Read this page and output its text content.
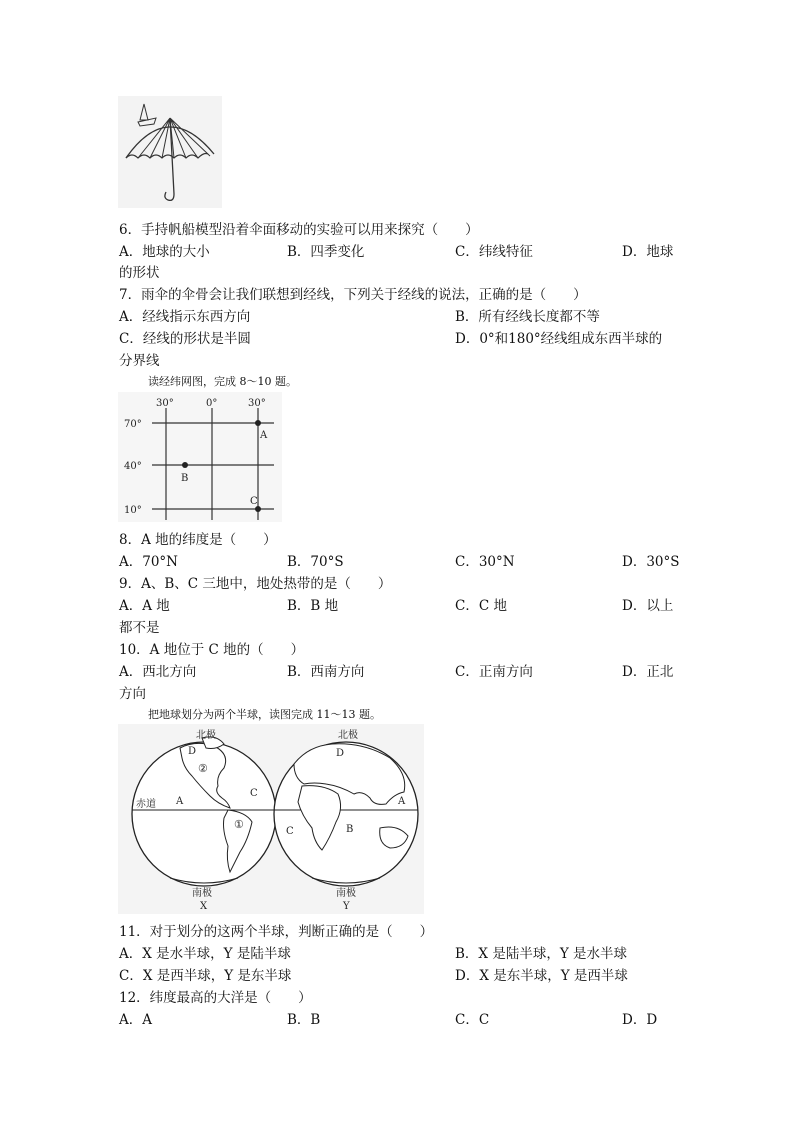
6．手持帆船模型沿着伞面移动的实验可以用来探究（　　）
A．地球的大小	B．四季变化	C．纬线特征	D．地球
的形状
7．雨伞的伞骨会让我们联想到经线，下列关于经线的说法，正确的是（　　）
A．经线指示东西方向	B．所有经线长度都不等
C．经线的形状是半圆	D．0°和180°经线组成东西半球的
分界线
读经纬网图，完成 8～10 题。
30°	0°	30°
70°
40°
10°
A
B
C
8．A 地的纬度是（　　）
A．70°N	B．70°S	C．30°N	D．30°S
9．A、B、C 三地中，地处热带的是（　　）
A．A 地	B．B 地	C．C 地	D．以上
都不是
10．A 地位于 C 地的（　　）
A．西北方向	B．西南方向	C．正南方向	D．正北
方向
把地球划分为两个半球，读图完成 11～13 题。
北极	北极
赤道
南极	南极
X	Y
D
②
A
C
①
D
A
C	B
11．对于划分的这两个半球，判断正确的是（　　）
A．X 是水半球，Y 是陆半球	B．X 是陆半球，Y 是水半球
C．X 是西半球，Y 是东半球	D．X 是东半球，Y 是西半球
12．纬度最高的大洋是（　　）
A．A	B．B	C．C	D．D
